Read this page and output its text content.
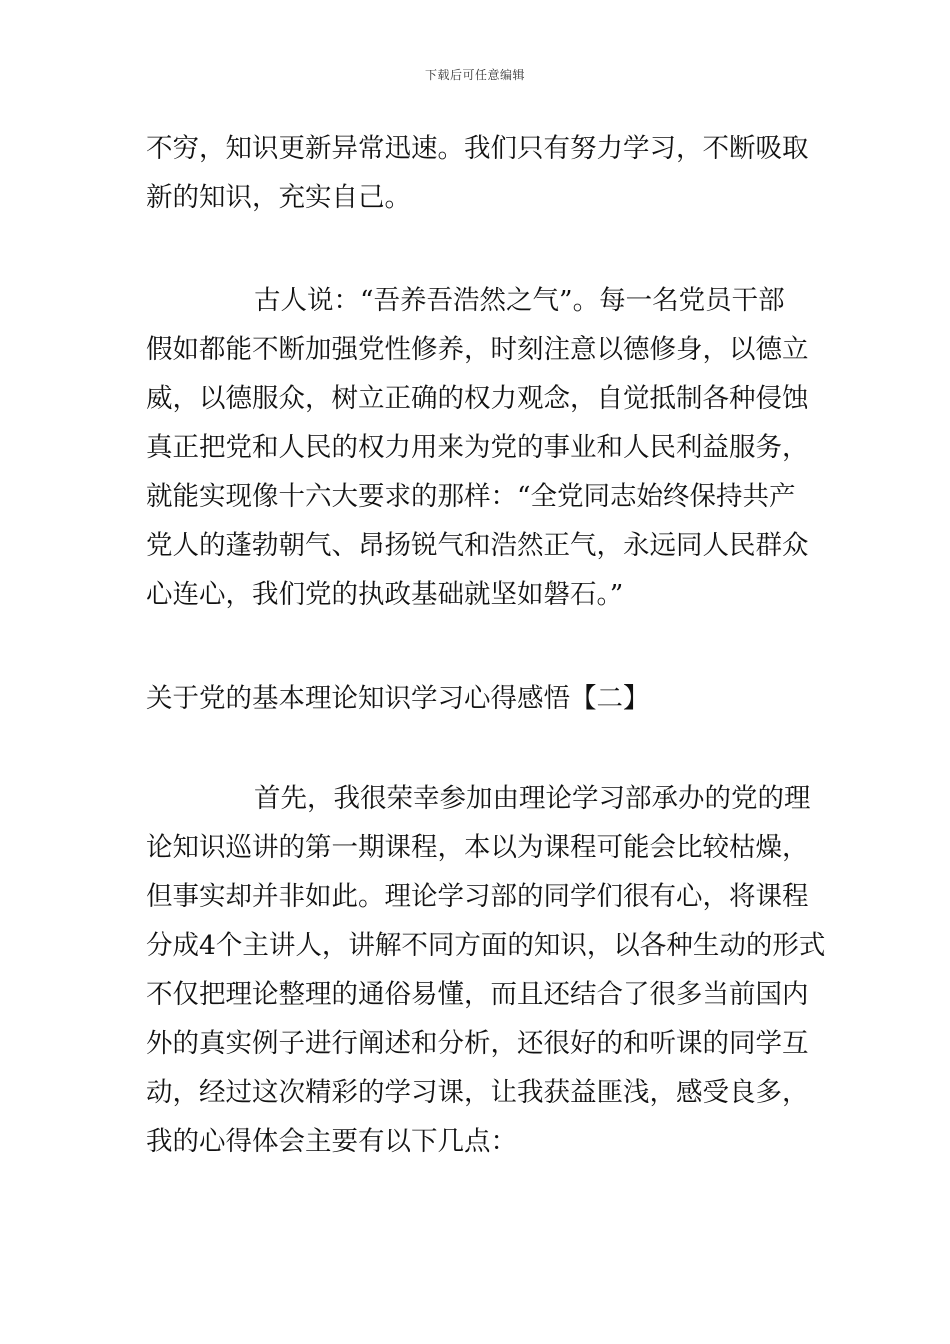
下载后可任意编辑

不穷，知识更新异常迅速。我们只有努力学习，不断吸取
新的知识，充实自己。

古人说：“吾养吾浩然之气”。每一名党员干部
假如都能不断加强党性修养，时刻注意以德修身，以德立
威，以德服众，树立正确的权力观念，自觉抵制各种侵蚀
真正把党和人民的权力用来为党的事业和人民利益服务，
就能实现像十六大要求的那样：“全党同志始终保持共产
党人的蓬勃朝气、昂扬锐气和浩然正气，永远同人民群众
心连心，我们党的执政基础就坚如磐石。”

关于党的基本理论知识学习心得感悟【二】

首先，我很荣幸参加由理论学习部承办的党的理
论知识巡讲的第一期课程，本以为课程可能会比较枯燥，
但事实却并非如此。理论学习部的同学们很有心，将课程
分成4个主讲人，讲解不同方面的知识，以各种生动的形式
不仅把理论整理的通俗易懂，而且还结合了很多当前国内
外的真实例子进行阐述和分析，还很好的和听课的同学互
动，经过这次精彩的学习课，让我获益匪浅，感受良多，
我的心得体会主要有以下几点：
